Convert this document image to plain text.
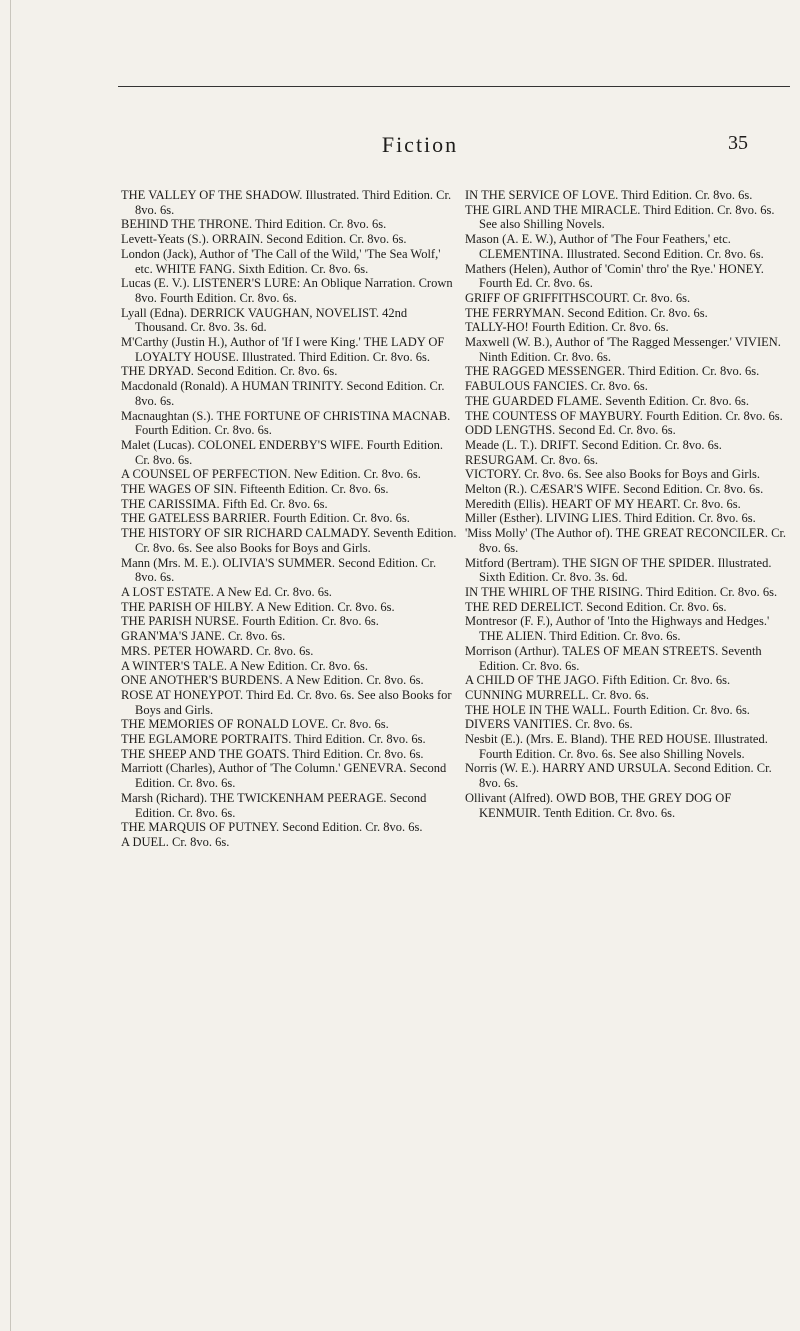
Fiction	35

THE VALLEY OF THE SHADOW. Illustrated. Third Edition. Cr. 8vo. 6s.

BEHIND THE THRONE. Third Edition. Cr. 8vo. 6s.

Levett-Yeats (S.). ORRAIN. Second Edition. Cr. 8vo. 6s.

London (Jack), Author of 'The Call of the Wild,' 'The Sea Wolf,' etc. WHITE FANG. Sixth Edition. Cr. 8vo. 6s.

Lucas (E. V.). LISTENER'S LURE: An Oblique Narration. Crown 8vo. Fourth Edition. Cr. 8vo. 6s.

Lyall (Edna). DERRICK VAUGHAN, NOVELIST. 42nd Thousand. Cr. 8vo. 3s. 6d.

M'Carthy (Justin H.), Author of 'If I were King.' THE LADY OF LOYALTY HOUSE. Illustrated. Third Edition. Cr. 8vo. 6s.

THE DRYAD. Second Edition. Cr. 8vo. 6s.

Macdonald (Ronald). A HUMAN TRINITY. Second Edition. Cr. 8vo. 6s.

Macnaughtan (S.). THE FORTUNE OF CHRISTINA MACNAB. Fourth Edition. Cr. 8vo. 6s.

Malet (Lucas). COLONEL ENDERBY'S WIFE. Fourth Edition. Cr. 8vo. 6s.

A COUNSEL OF PERFECTION. New Edition. Cr. 8vo. 6s.

THE WAGES OF SIN. Fifteenth Edition. Cr. 8vo. 6s.

THE CARISSIMA. Fifth Ed. Cr. 8vo. 6s.

THE GATELESS BARRIER. Fourth Edition. Cr. 8vo. 6s.

THE HISTORY OF SIR RICHARD CALMADY. Seventh Edition. Cr. 8vo. 6s. See also Books for Boys and Girls.

Mann (Mrs. M. E.). OLIVIA'S SUMMER. Second Edition. Cr. 8vo. 6s.

A LOST ESTATE. A New Ed. Cr. 8vo. 6s.

THE PARISH OF HILBY. A New Edition. Cr. 8vo. 6s.

THE PARISH NURSE. Fourth Edition. Cr. 8vo. 6s.

GRAN'MA'S JANE. Cr. 8vo. 6s.

MRS. PETER HOWARD. Cr. 8vo. 6s.

A WINTER'S TALE. A New Edition. Cr. 8vo. 6s.

ONE ANOTHER'S BURDENS. A New Edition. Cr. 8vo. 6s.

ROSE AT HONEYPOT. Third Ed. Cr. 8vo. 6s. See also Books for Boys and Girls.

THE MEMORIES OF RONALD LOVE. Cr. 8vo. 6s.

THE EGLAMORE PORTRAITS. Third Edition. Cr. 8vo. 6s.

THE SHEEP AND THE GOATS. Third Edition. Cr. 8vo. 6s.

Marriott (Charles), Author of 'The Column.' GENEVRA. Second Edition. Cr. 8vo. 6s.

Marsh (Richard). THE TWICKENHAM PEERAGE. Second Edition. Cr. 8vo. 6s.

THE MARQUIS OF PUTNEY. Second Edition. Cr. 8vo. 6s.

A DUEL. Cr. 8vo. 6s.

IN THE SERVICE OF LOVE. Third Edition. Cr. 8vo. 6s.

THE GIRL AND THE MIRACLE. Third Edition. Cr. 8vo. 6s. See also Shilling Novels.

Mason (A. E. W.), Author of 'The Four Feathers,' etc. CLEMENTINA. Illustrated. Second Edition. Cr. 8vo. 6s.

Mathers (Helen), Author of 'Comin' thro' the Rye.' HONEY. Fourth Ed. Cr. 8vo. 6s.

GRIFF OF GRIFFITHSCOURT. Cr. 8vo. 6s.

THE FERRYMAN. Second Edition. Cr. 8vo. 6s.

TALLY-HO! Fourth Edition. Cr. 8vo. 6s.

Maxwell (W. B.), Author of 'The Ragged Messenger.' VIVIEN. Ninth Edition. Cr. 8vo. 6s.

THE RAGGED MESSENGER. Third Edition. Cr. 8vo. 6s.

FABULOUS FANCIES. Cr. 8vo. 6s.

THE GUARDED FLAME. Seventh Edition. Cr. 8vo. 6s.

THE COUNTESS OF MAYBURY. Fourth Edition. Cr. 8vo. 6s.

ODD LENGTHS. Second Ed. Cr. 8vo. 6s.

Meade (L. T.). DRIFT. Second Edition. Cr. 8vo. 6s.

RESURGAM. Cr. 8vo. 6s.

VICTORY. Cr. 8vo. 6s. See also Books for Boys and Girls.

Melton (R.). CÆSAR'S WIFE. Second Edition. Cr. 8vo. 6s.

Meredith (Ellis). HEART OF MY HEART. Cr. 8vo. 6s.

Miller (Esther). LIVING LIES. Third Edition. Cr. 8vo. 6s.

'Miss Molly' (The Author of). THE GREAT RECONCILER. Cr. 8vo. 6s.

Mitford (Bertram). THE SIGN OF THE SPIDER. Illustrated. Sixth Edition. Cr. 8vo. 3s. 6d.

IN THE WHIRL OF THE RISING. Third Edition. Cr. 8vo. 6s.

THE RED DERELICT. Second Edition. Cr. 8vo. 6s.

Montresor (F. F.), Author of 'Into the Highways and Hedges.' THE ALIEN. Third Edition. Cr. 8vo. 6s.

Morrison (Arthur). TALES OF MEAN STREETS. Seventh Edition. Cr. 8vo. 6s.

A CHILD OF THE JAGO. Fifth Edition. Cr. 8vo. 6s.

CUNNING MURRELL. Cr. 8vo. 6s.

THE HOLE IN THE WALL. Fourth Edition. Cr. 8vo. 6s.

DIVERS VANITIES. Cr. 8vo. 6s.

Nesbit (E.). (Mrs. E. Bland). THE RED HOUSE. Illustrated. Fourth Edition. Cr. 8vo. 6s. See also Shilling Novels.

Norris (W. E.). HARRY AND URSULA. Second Edition. Cr. 8vo. 6s.

Ollivant (Alfred). OWD BOB, THE GREY DOG OF KENMUIR. Tenth Edition. Cr. 8vo. 6s.
